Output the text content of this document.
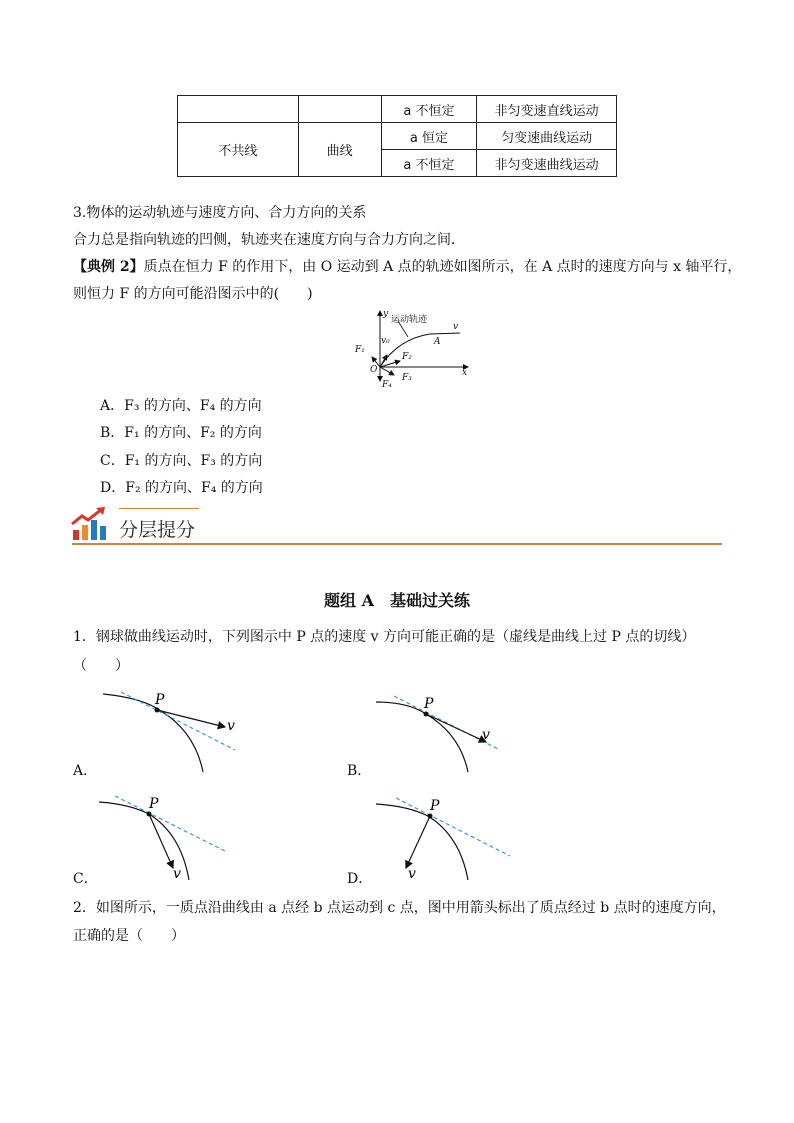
		a 不恒定	非匀变速直线运动
不共线	曲线	a 恒定	匀变速曲线运动
		a 不恒定	非匀变速曲线运动
3.物体的运动轨迹与速度方向、合力方向的关系
合力总是指向轨迹的凹侧，轨迹夹在速度方向与合力方向之间．
【典例 2】质点在恒力 F 的作用下，由 O 运动到 A 点的轨迹如图所示，在 A 点时的速度方向与 x 轴平行，
则恒力 F 的方向可能沿图示中的(　　)
y
x
O
运动轨迹
A
v
v₀
F₁
F₂
F₃
F₄
A．F₃ 的方向、F₄ 的方向
B．F₁ 的方向、F₂ 的方向
C．F₁ 的方向、F₃ 的方向
D．F₂ 的方向、F₄ 的方向
分层提分
题组 A　基础过关练
1．钢球做曲线运动时，下列图示中 P 点的速度 v 方向可能正确的是（虚线是曲线上过 P 点的切线）
（　　）
P
v
A．
P
v
B．
P
v
C．
P
v
D．
2．如图所示，一质点沿曲线由 a 点经 b 点运动到 c 点，图中用箭头标出了质点经过 b 点时的速度方向，
正确的是（　　）
